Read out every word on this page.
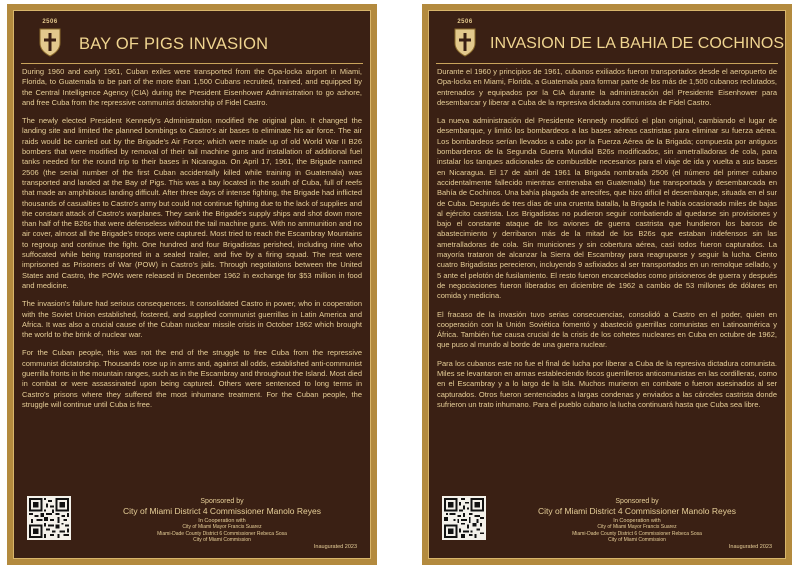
2506
BAY OF PIGS INVASION

During 1960 and early 1961, Cuban exiles were transported from the Opa-locka airport in Miami, Florida, to Guatemala to be part of the more than 1,500 Cubans recruited, trained, and equipped by the Central Intelligence Agency (CIA) during the President Eisenhower Administration to go ashore, and free Cuba from the repressive communist dictatorship of Fidel Castro.

The newly elected President Kennedy's Administration modified the original plan. It changed the landing site and limited the planned bombings to Castro's air bases to eliminate his air force. The air raids would be carried out by the Brigade's Air Force; which were made up of old World War II B26 bombers that were modified by removal of their tail machine guns and installation of additional fuel tanks needed for the round trip to their bases in Nicaragua. On April 17, 1961, the Brigade named 2506 (the serial number of the first Cuban accidentally killed while training in Guatemala) was transported and landed at the Bay of Pigs. This was a bay located in the south of Cuba, full of reefs that made an amphibious landing difficult. After three days of intense fighting, the Brigade had inflicted thousands of casualties to Castro's army but could not continue fighting due to the lack of supplies and the constant attack of Castro's warplanes. They sank the Brigade's supply ships and shot down more than half of the B26s that were defenseless without the tail machine guns. With no ammunition and no air cover, almost all the Brigade's troops were captured. Most tried to reach the Escambray Mountains to regroup and continue the fight. One hundred and four Brigadistas perished, including nine who suffocated while being transported in a sealed trailer, and five by a firing squad. The rest were imprisoned as Prisoners of War (POW) in Castro's jails. Through negotiations between the United States and Castro, the POWs were released in December 1962 in exchange for $53 million in food and medicine.

The invasion's failure had serious consequences. It consolidated Castro in power, who in cooperation with the Soviet Union established, fostered, and supplied communist guerrillas in Latin America and Africa. It was also a crucial cause of the Cuban nuclear missile crisis in October 1962 which brought the world to the brink of nuclear war.

For the Cuban people, this was not the end of the struggle to free Cuba from the repressive communist dictatorship. Thousands rose up in arms and, against all odds, established anti-communist guerrilla fronts in the mountain ranges, such as in the Escambray and throughout the Island. Most died in combat or were assassinated upon being captured. Others were sentenced to long terms in Castro's prisons where they suffered the most inhumane treatment. For the Cuban people, the struggle will continue until Cuba is free.

Sponsored by
City of Miami District 4 Commissioner Manolo Reyes
In Cooperation with
City of Miami Mayor Francis Suarez
Miami-Dade County District 6 Commissioner Rebeca Sosa
City of Miami Commission
Inaugurated 2023
2506
INVASION DE LA BAHIA DE COCHINOS

Durante el 1960 y principios de 1961, cubanos exiliados fueron transportados desde el aeropuerto de Opa-locka en Miami, Florida, a Guatemala para formar parte de los más de 1,500 cubanos reclutados, entrenados y equipados por la CIA durante la administración del Presidente Eisenhower para desembarcar y liberar a Cuba de la represiva dictadura comunista de Fidel Castro.

La nueva administración del Presidente Kennedy modificó el plan original, cambiando el lugar de desembarque, y limitó los bombardeos a las bases aéreas castristas para eliminar su fuerza aérea. Los bombardeos serían llevados a cabo por la Fuerza Aérea de la Brigada; compuesta por antiguos bombarderos de la Segunda Guerra Mundial B26s modificados, sin ametralladoras de cola, para instalar los tanques adicionales de combustible necesarios para el viaje de ida y vuelta a sus bases en Nicaragua. El 17 de abril de 1961 la Brigada nombrada 2506 (el número del primer cubano accidentalmente fallecido mientras entrenaba en Guatemala) fue transportada y desembarcada en Bahía de Cochinos. Una bahía plagada de arrecifes, que hizo difícil el desembarque, situada en el sur de Cuba. Después de tres días de una cruenta batalla, la Brigada le había ocasionado miles de bajas al ejército castrista. Los Brigadistas no pudieron seguir combatiendo al quedarse sin provisiones y bajo el constante ataque de los aviones de guerra castrista que hundieron los barcos de abastecimiento y derribaron más de la mitad de los B26s que estaban indefensos sin las ametralladoras de cola. Sin municiones y sin cobertura aérea, casi todos fueron capturados. La mayoría trataron de alcanzar la Sierra del Escambray para reagruparse y seguir la lucha. Ciento cuatro Brigadistas perecieron, incluyendo 9 asfixiados al ser transportados en un remolque sellado, y 5 ante el pelotón de fusilamiento. El resto fueron encarcelados como prisioneros de guerra y después de negociaciones fueron liberados en diciembre de 1962 a cambio de 53 millones de dólares en comida y medicina.

El fracaso de la invasión tuvo serias consecuencias, consolidó a Castro en el poder, quien en cooperación con la Unión Soviética fomentó y abasteció guerrillas comunistas en Latinoamérica y África. También fue causa crucial de la crisis de los cohetes nucleares en Cuba en octubre de 1962, que puso al mundo al borde de una guerra nuclear.

Para los cubanos este no fue el final de lucha por liberar a Cuba de la represiva dictadura comunista. Miles se levantaron en armas estableciendo focos guerrilleros anticomunistas en las cordilleras, como en el Escambray y a lo largo de la Isla. Muchos murieron en combate o fueron asesinados al ser capturados. Otros fueron sentenciados a largas condenas y enviados a las cárceles castrista donde sufrieron un trato inhumano. Para el pueblo cubano la lucha continuará hasta que Cuba sea libre.

Sponsored by
City of Miami District 4 Commissioner Manolo Reyes
In Cooperation with
City of Miami Mayor Francis Suarez
Miami-Dade County District 6 Commissioner Rebeca Sosa
City of Miami Commission
Inaugurated 2023
